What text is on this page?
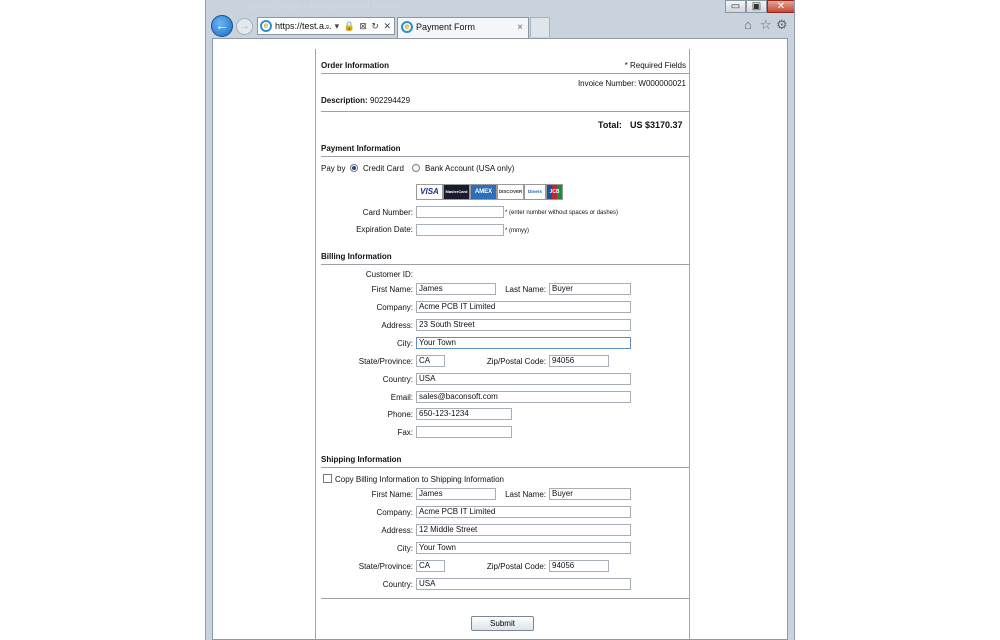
SecureQuake - Microsoft Word Starter	▭	▣	✕
←	→	e https://test.a...
⌕ ▾ 🔒 ⊠ ↻ ✕	e Payment Form	×	⌂ ☆ ⚙
Order Information	* Required Fields
Invoice Number: W000000021
Description: 902294429
Total: US $3170.37
Payment Information
Pay by Credit Card	Bank Account (USA only)
VISA	MasterCard	AMEX	DISCOVER	Diners	JCB
Card Number:	* (enter number without spaces or dashes)
Expiration Date:	* (mmyy)
Billing Information
Customer ID:
First Name: James	Last Name: Buyer
Company: Acme PCB IT Limited
Address: 23 South Street
City: Your Town
State/Province: CA	Zip/Postal Code: 94056
Country: USA
Email: sales@baconsoft.com
Phone: 650-123-1234
Fax:
Shipping Information
Copy Billing Information to Shipping Information
First Name: James	Last Name: Buyer
Company: Acme PCB IT Limited
Address: 12 Middle Street
City: Your Town
State/Province: CA	Zip/Postal Code: 94056
Country: USA
Submit
